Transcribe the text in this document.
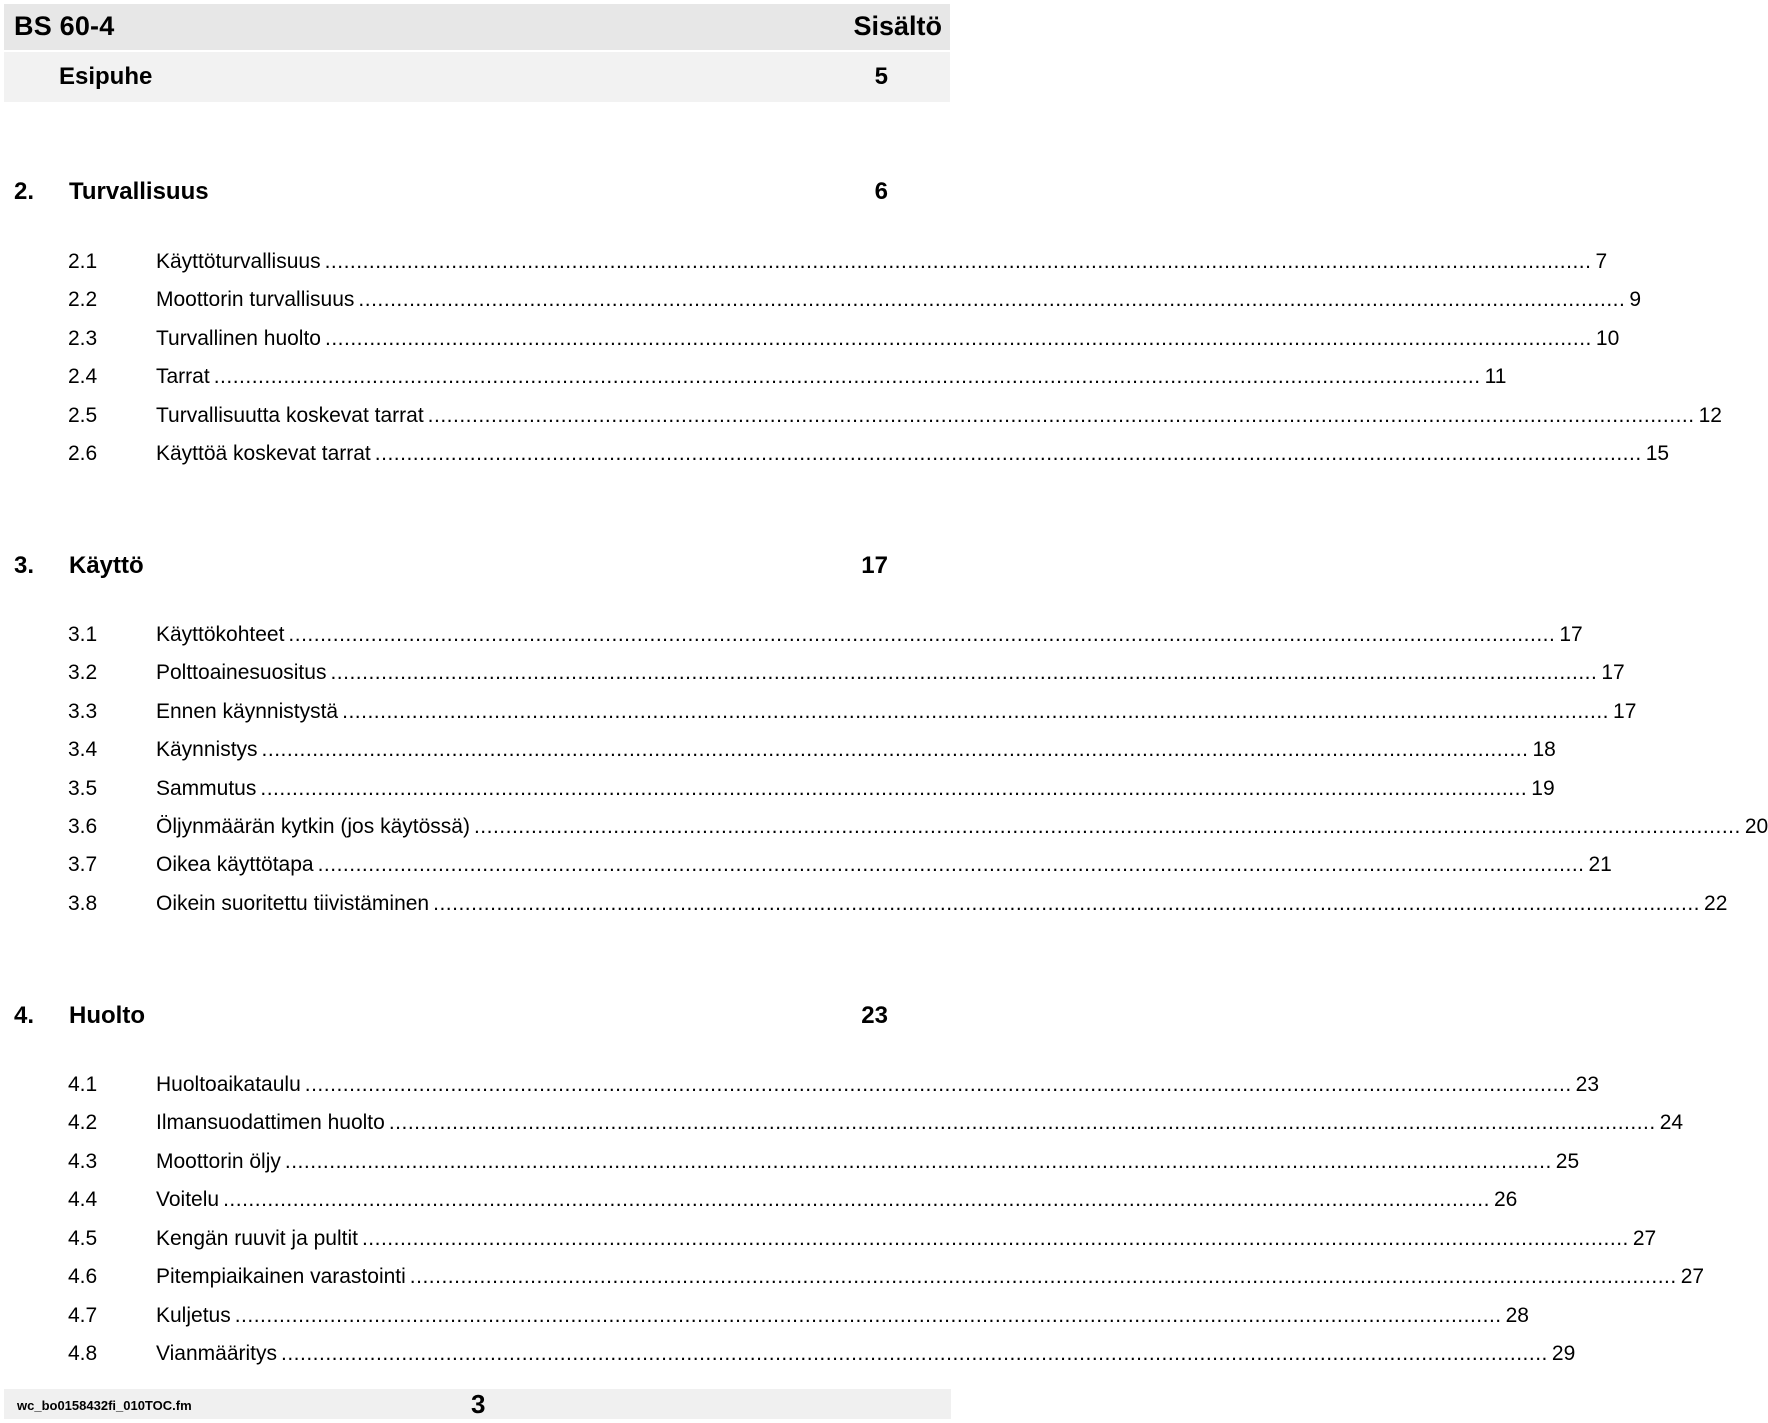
BS 60-4	Sisältö
Esipuhe	5
2. Turvallisuus	6
2.1	Käyttöturvallisuus ........................................................................................................................................................................................................ 7
2.2	Moottorin turvallisuus ........................................................................................................................................................................................................ 9
2.3	Turvallinen huolto ........................................................................................................................................................................................................ 10
2.4	Tarrat ........................................................................................................................................................................................................ 11
2.5	Turvallisuutta koskevat tarrat ........................................................................................................................................................................................................ 12
2.6	Käyttöä koskevat tarrat ........................................................................................................................................................................................................ 15
3. Käyttö	17
3.1	Käyttökohteet ........................................................................................................................................................................................................ 17
3.2	Polttoainesuositus ........................................................................................................................................................................................................ 17
3.3	Ennen käynnistystä ........................................................................................................................................................................................................ 17
3.4	Käynnistys ........................................................................................................................................................................................................ 18
3.5	Sammutus ........................................................................................................................................................................................................ 19
3.6	Öljynmäärän kytkin (jos käytössä) ........................................................................................................................................................................................................ 20
3.7	Oikea käyttötapa ........................................................................................................................................................................................................ 21
3.8	Oikein suoritettu tiivistäminen ........................................................................................................................................................................................................ 22
4. Huolto	23
4.1	Huoltoaikataulu ........................................................................................................................................................................................................ 23
4.2	Ilmansuodattimen huolto ........................................................................................................................................................................................................ 24
4.3	Moottorin öljy ........................................................................................................................................................................................................ 25
4.4	Voitelu ........................................................................................................................................................................................................ 26
4.5	Kengän ruuvit ja pultit ........................................................................................................................................................................................................ 27
4.6	Pitempiaikainen varastointi ........................................................................................................................................................................................................ 27
4.7	Kuljetus ........................................................................................................................................................................................................ 28
4.8	Vianmääritys ........................................................................................................................................................................................................ 29
wc_bo0158432fi_010TOC.fm	3
